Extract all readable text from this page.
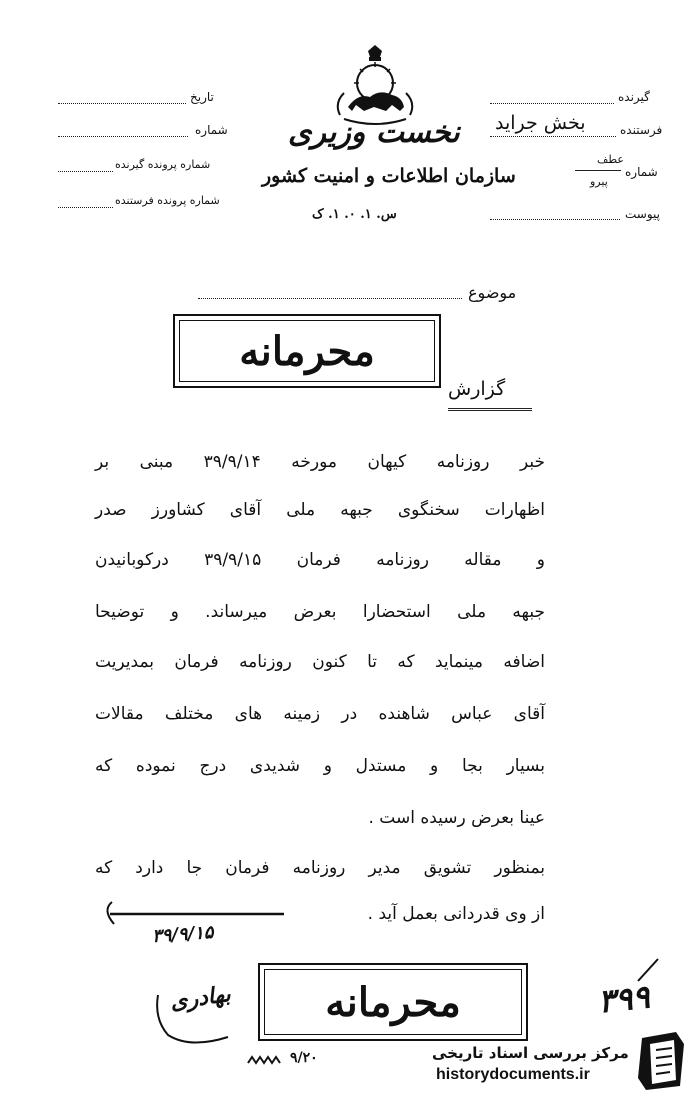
تاریخ
شماره
شماره پرونده گیرنده
شماره پرونده فرستنده
نخست وزیری
سازمان اطلاعات و امنیت کشور
س. ۱. ۰. ۱. ک
گیرنده
فرستنده
بخش جراید
شماره
عطف
پیرو
پیوست
موضوع
محرمانه
گزارش
خبر روزنامه کیهان مورخه ۳۹/۹/۱۴ مبنی بر
اظهارات سخنگوی جبهه ملی آقای کشاورز صدر
و مقاله روزنامه فرمان ۳۹/۹/۱۵ درکوبانیدن
جبهه ملی استحضارا بعرض میرساند. و توضیحا
اضافه مینماید که تا کنون روزنامه فرمان بمدیریت
آقای عباس شاهنده در زمینه های مختلف مقالات
بسیار بجا و مستدل و شدیدی درج نموده که
عینا بعرض رسیده است .
بمنظور تشویق مدیر روزنامه فرمان جا دارد که
از وی قدردانی بعمل آید .
۳۹/۹/۱۵
محرمانه
بهادری	۳۹۹
۹/۲۰	مرکز بررسی اسناد تاریخی
historydocuments.ir
